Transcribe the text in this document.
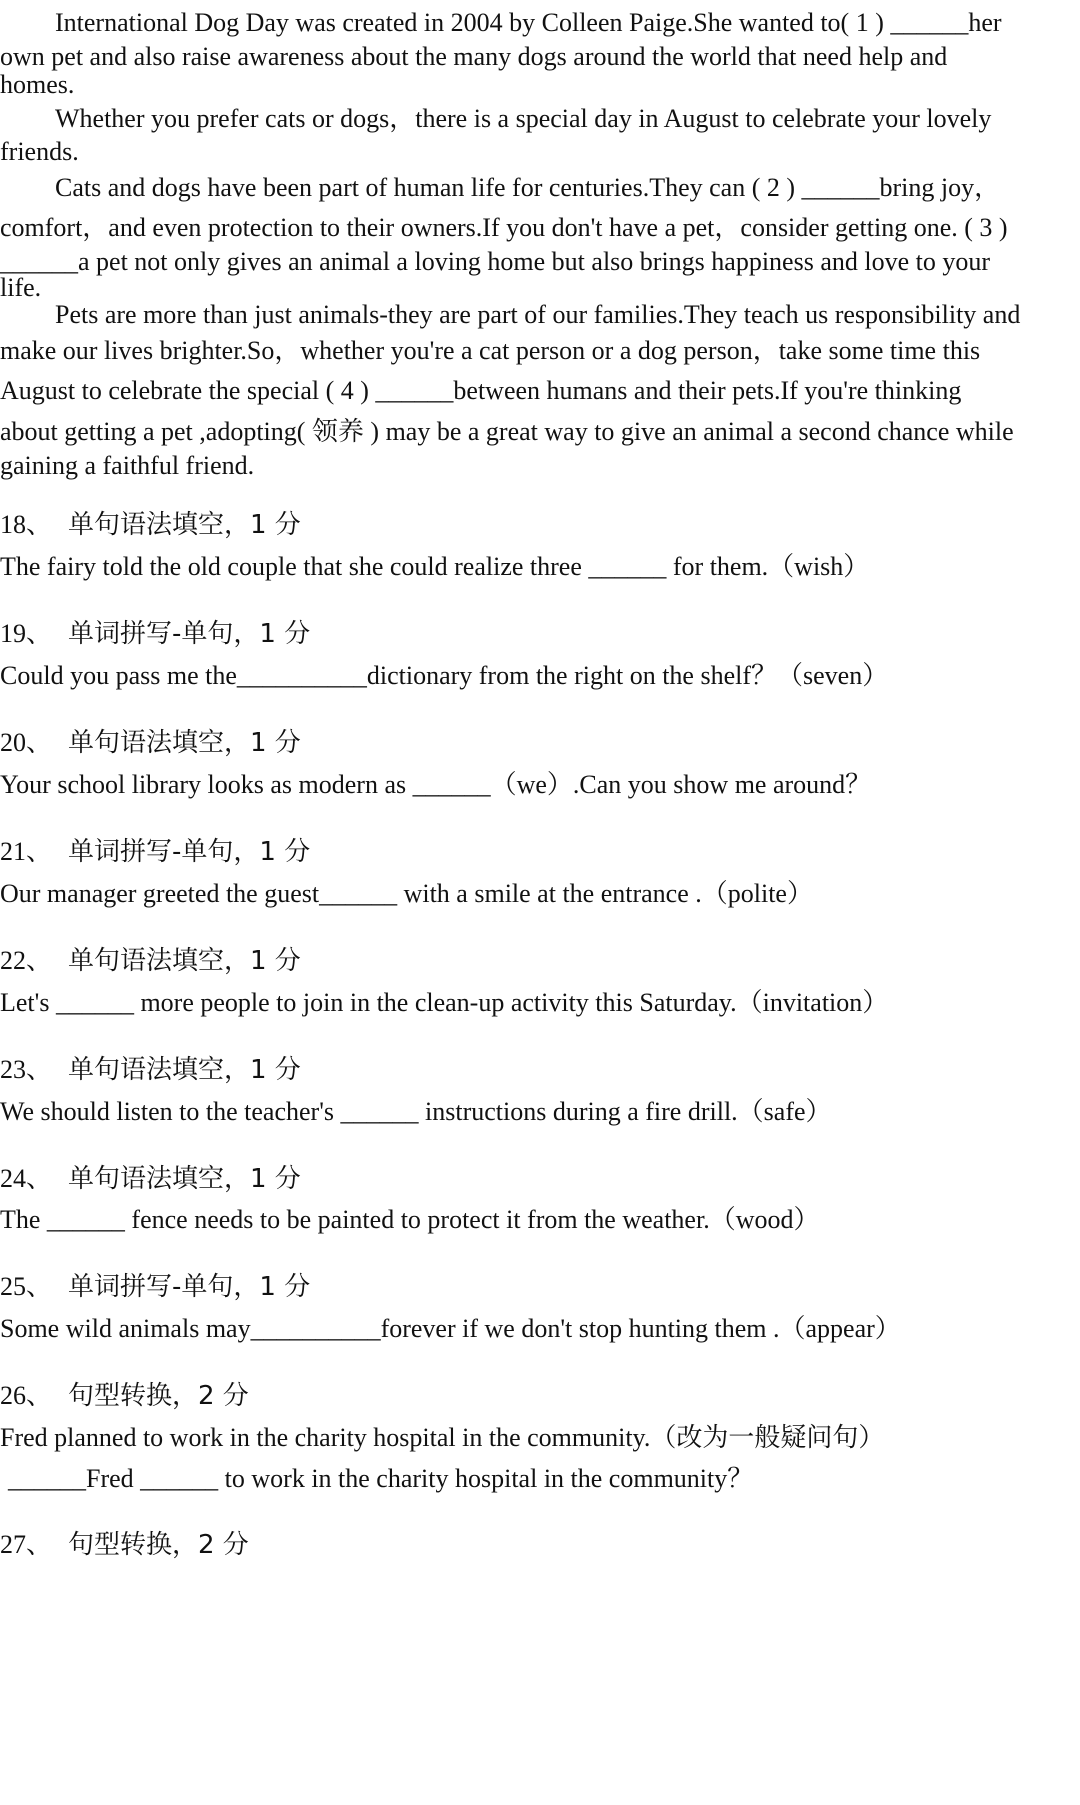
International Dog Day was created in 2004 by Colleen Paige.She wanted to( 1 ) ______her
own pet and also raise awareness about the many dogs around the world that need help and
homes.
Whether you prefer cats or dogs，there is a special day in August to celebrate your lovely
friends.
Cats and dogs have been part of human life for centuries.They can ( 2 ) ______bring joy，
comfort，and even protection to their owners.If you don't have a pet，consider getting one. ( 3 )
______a pet not only gives an animal a loving home but also brings happiness and love to your
life.
Pets are more than just animals-they are part of our families.They teach us responsibility and
make our lives brighter.So，whether you're a cat person or a dog person，take some time this
August to celebrate the special ( 4 ) ______between humans and their pets.If you're thinking
about getting a pet ,adopting( 领养 ) may be a great way to give an animal a second chance while
gaining a faithful friend.
18、 单句语法填空，1 分
The fairy told the old couple that she could realize three ______ for them.（wish）
19、 单词拼写-单句，1 分
Could you pass me the__________dictionary from the right on the shelf？（seven）
20、 单句语法填空，1 分
Your school library looks as modern as ______（we）.Can you show me around？
21、 单词拼写-单句，1 分
Our manager greeted the guest______ with a smile at the entrance .（polite）
22、 单句语法填空，1 分
Let's ______ more people to join in the clean-up activity this Saturday.（invitation）
23、 单句语法填空，1 分
We should listen to the teacher's ______ instructions during a fire drill.（safe）
24、 单句语法填空，1 分
The ______ fence needs to be painted to protect it from the weather.（wood）
25、 单词拼写-单句，1 分
Some wild animals may__________forever if we don't stop hunting them .（appear）
26、 句型转换，2 分
Fred planned to work in the charity hospital in the community.（改为一般疑问句）
______Fred ______ to work in the charity hospital in the community？
27、 句型转换，2 分
